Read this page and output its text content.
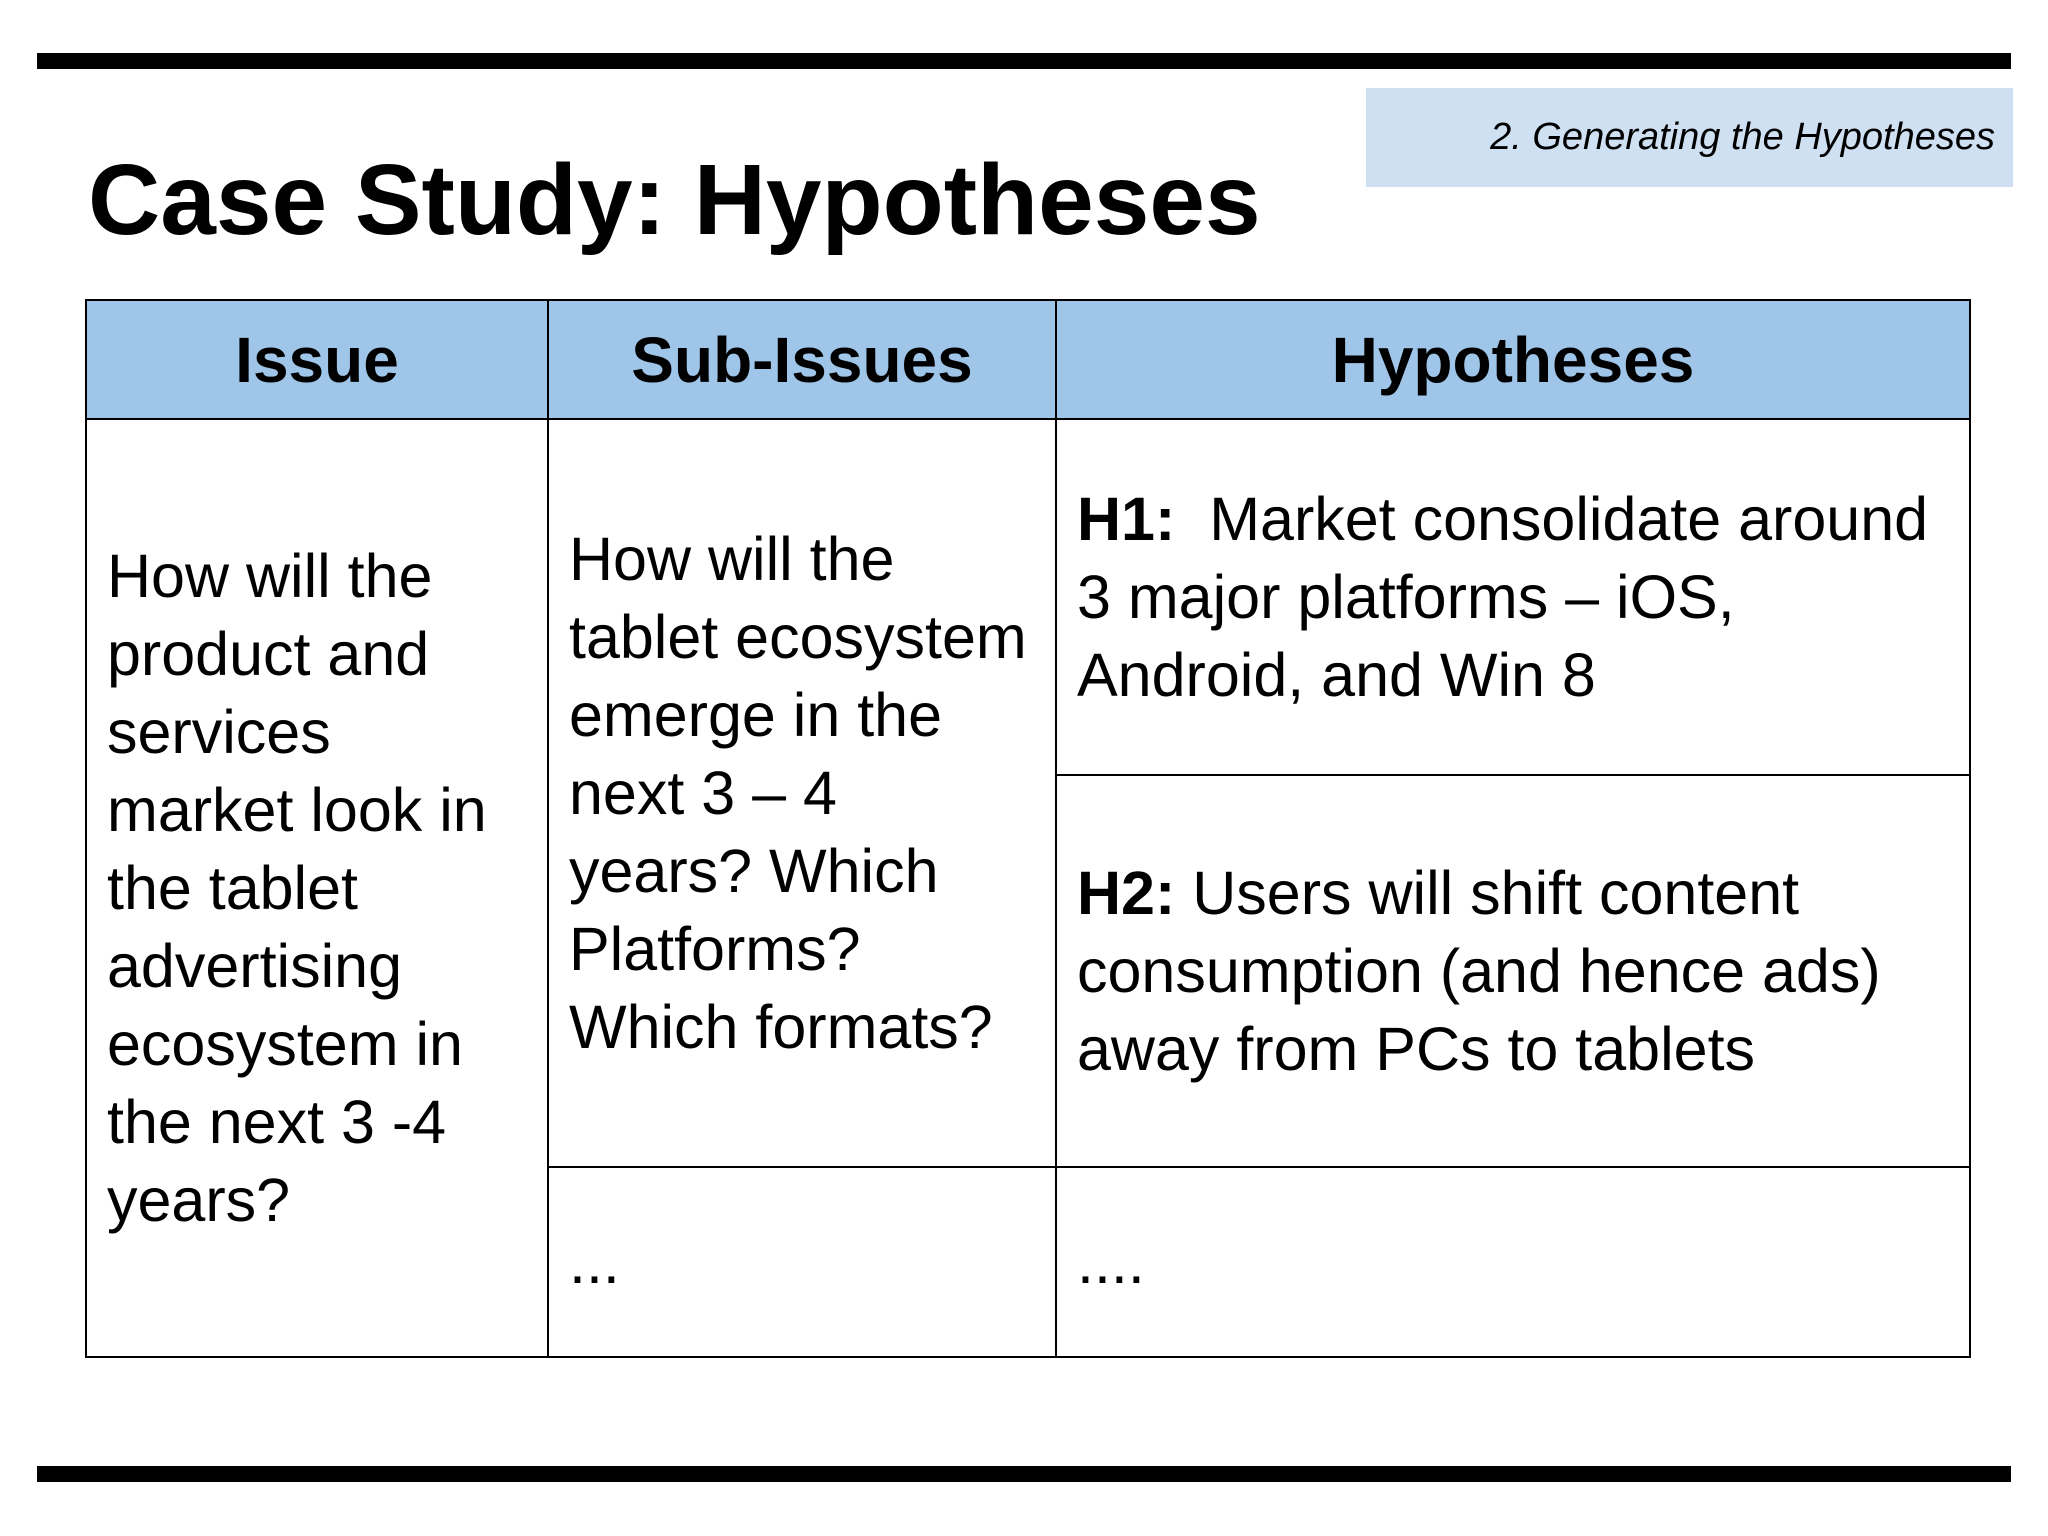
2. Generating the Hypotheses
Case Study: Hypotheses
Issue	Sub-Issues	Hypotheses
How will the product and services market look in the tablet advertising ecosystem in the next 3 -4 years?	How will the tablet ecosystem emerge in the next 3 – 4 years? Which Platforms? Which formats?	H1: Market consolidate around 3 major platforms – iOS, Android, and Win 8
		H2: Users will shift content consumption (and hence ads) away from PCs to tablets
	...	....
